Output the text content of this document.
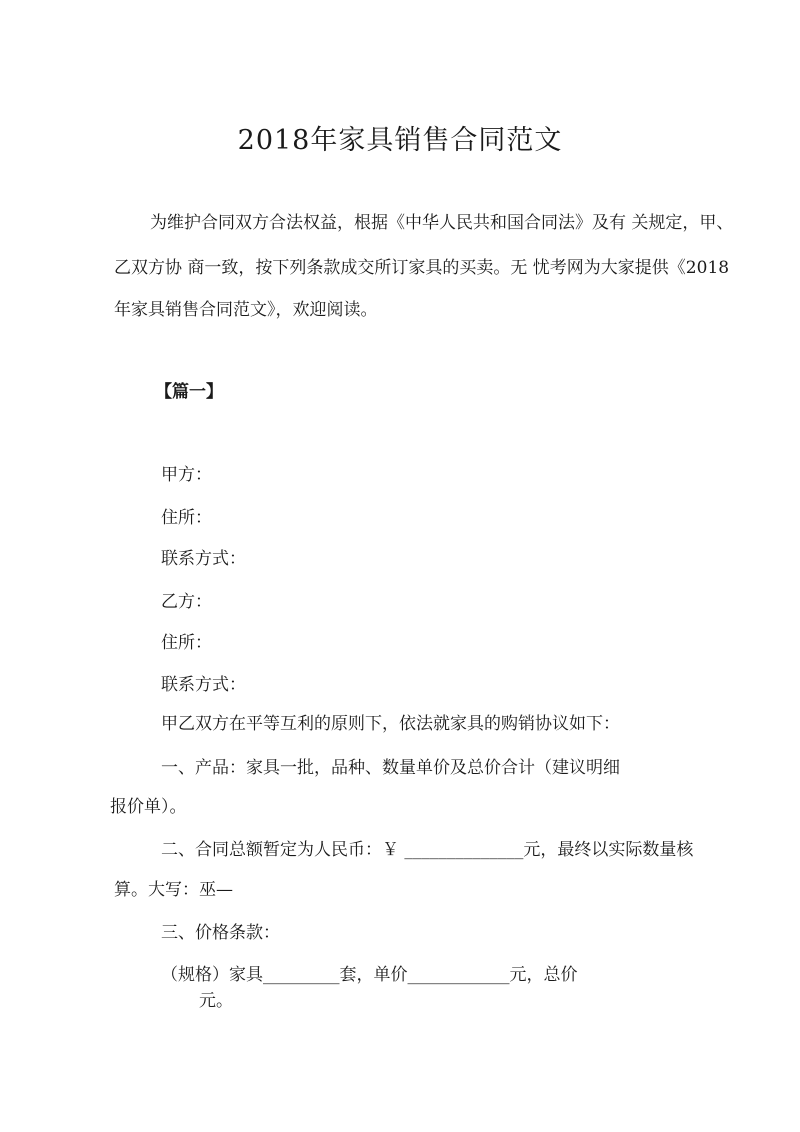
2018年家具销售合同范文
为维护合同双方合法权益，根据《中华人民共和国合同法》及有 关规定，甲、
乙双方协 商一致，按下列条款成交所订家具的买卖。无 忧考网为大家提供《2018
年家具销售合同范文》，欢迎阅读。
【篇一】
甲方：
住所：
联系方式：
乙方：
住所：
联系方式：
甲乙双方在平等互利的原则下，依法就家具的购销协议如下：
一、产品：家具一批，品种、数量单价及总价合计（建议明细
报价单）。
二、合同总额暂定为人民币：￥ ______________元，最终以实际数量核
算。大写：巫—
三、价格条款：
（规格）家具_________套，单价____________元，总价
元。
